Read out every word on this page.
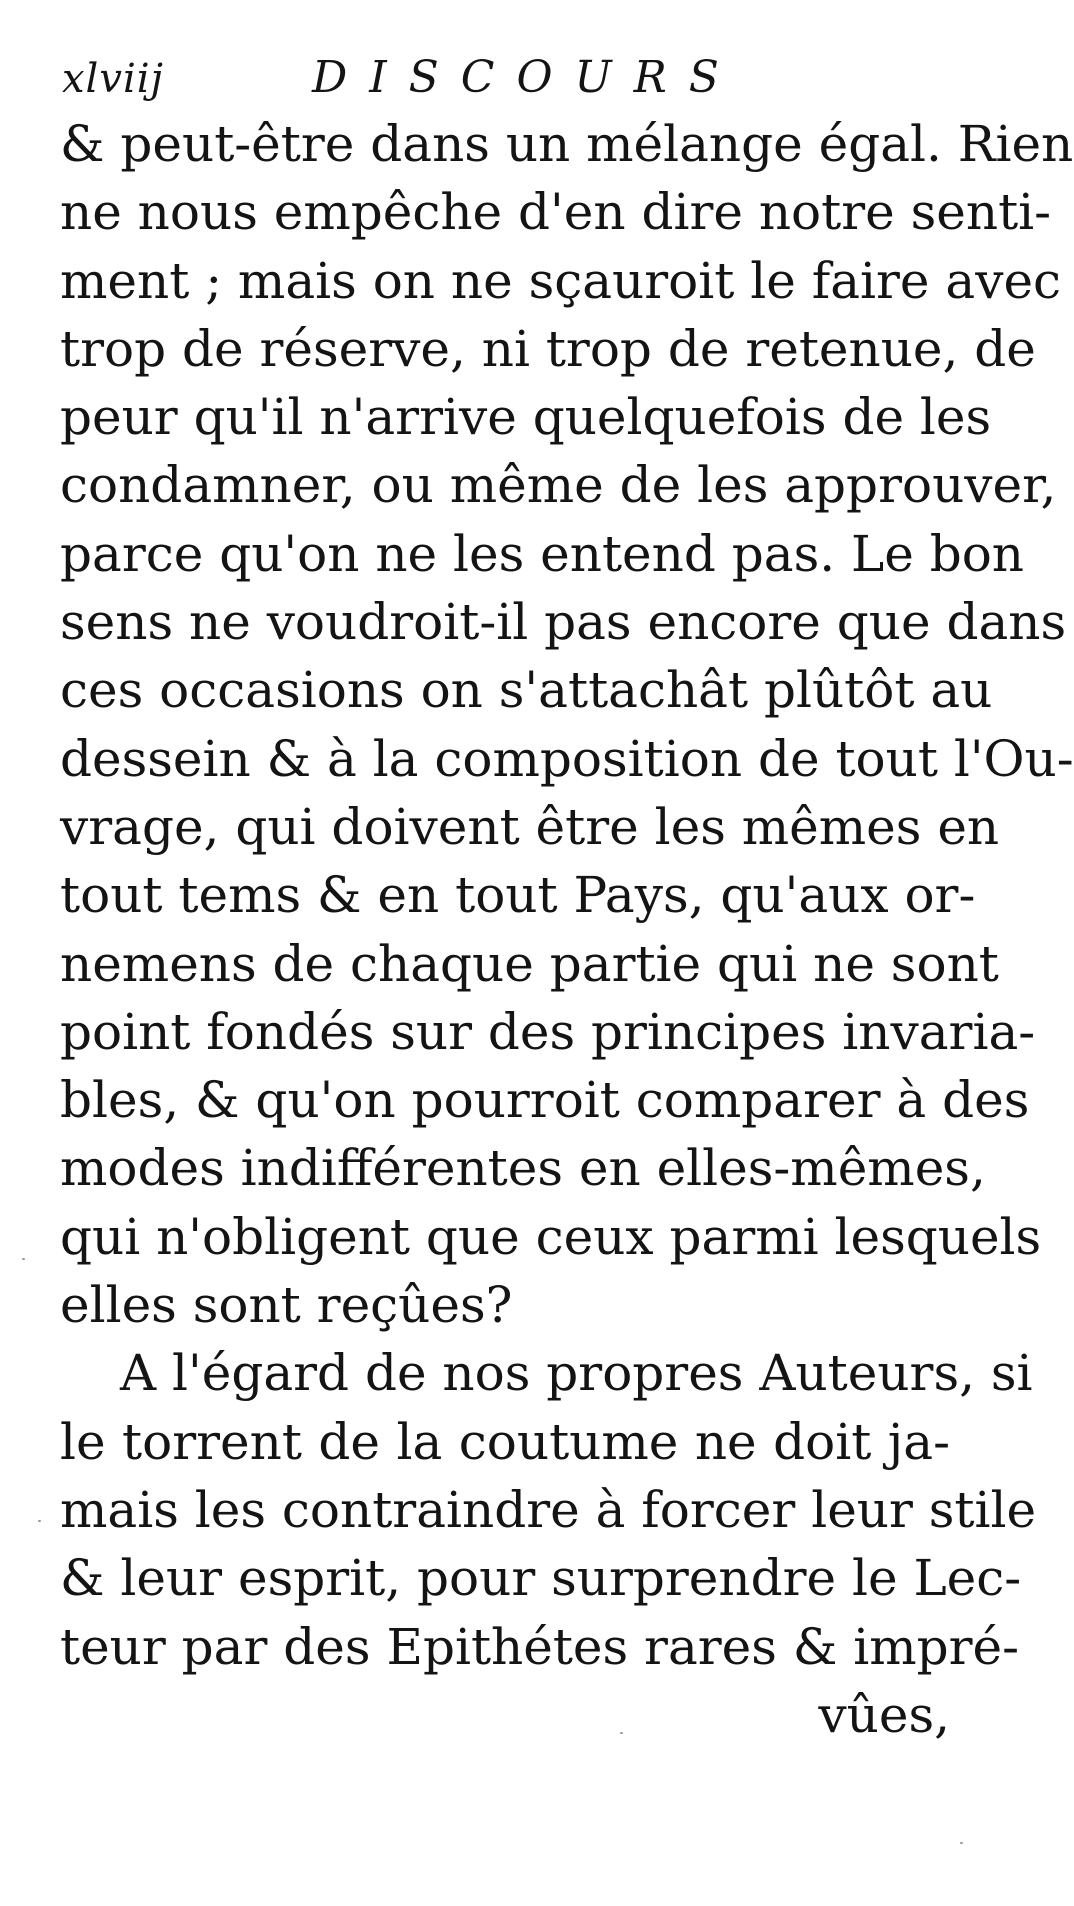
xlviij	DISCOURS
& peut-être dans un mélange égal. Rien
ne nous empêche d'en dire notre senti-
ment ; mais on ne sçauroit le faire avec
trop de réserve, ni trop de retenue, de
peur qu'il n'arrive quelquefois de les
condamner, ou même de les approuver,
parce qu'on ne les entend pas. Le bon
sens ne voudroit-il pas encore que dans
ces occasions on s'attachât plûtôt au
dessein & à la composition de tout l'Ou-
vrage, qui doivent être les mêmes en
tout tems & en tout Pays, qu'aux or-
nemens de chaque partie qui ne sont
point fondés sur des principes invaria-
bles, & qu'on pourroit comparer à des
modes indifférentes en elles-mêmes,
qui n'obligent que ceux parmi lesquels
elles sont reçûes?
A l'égard de nos propres Auteurs, si
le torrent de la coutume ne doit ja-
mais les contraindre à forcer leur stile
& leur esprit, pour surprendre le Lec-
teur par des Epithétes rares & impré-
vûes,
